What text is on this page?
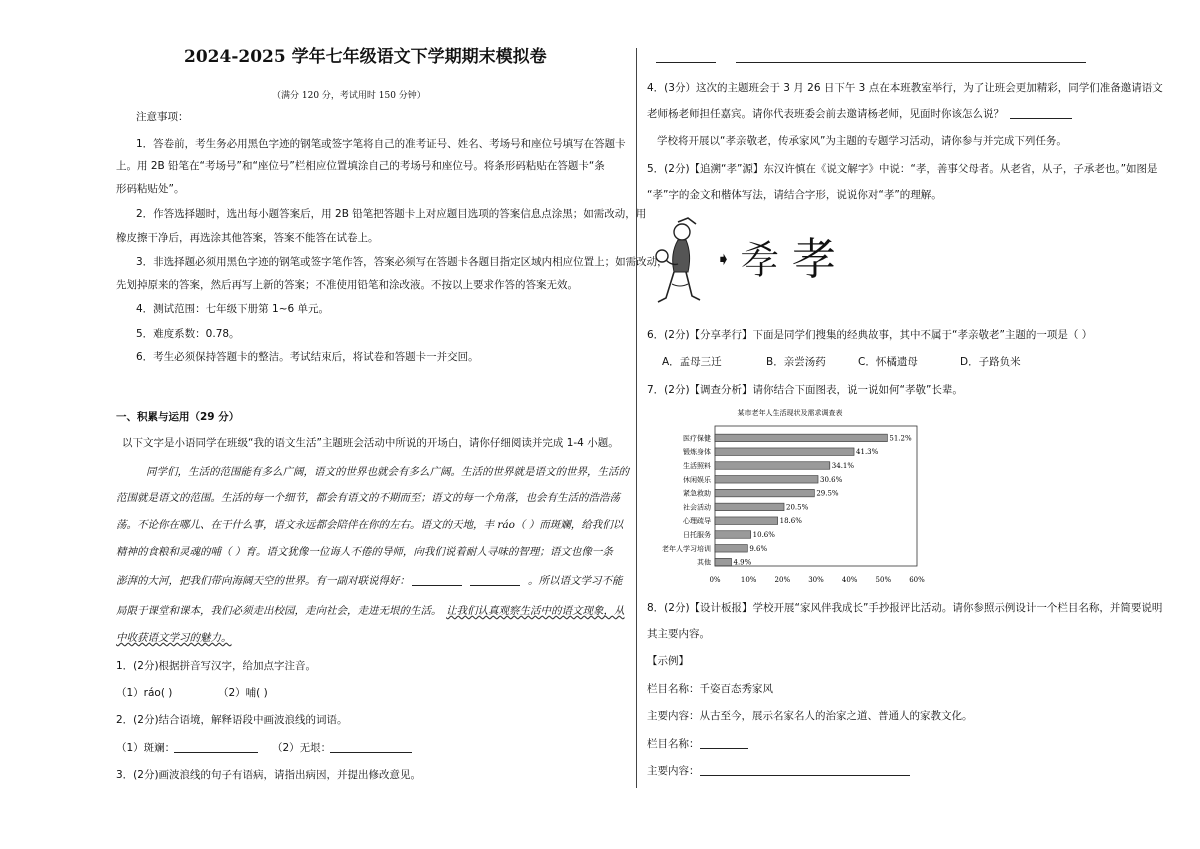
2024-2025 学年七年级语文下学期期末模拟卷
（满分 120 分，考试用时 150 分钟）
注意事项：
1．答卷前，考生务必用黑色字迹的钢笔或签字笔将自己的准考证号、姓名、考场号和座位号填写在答题卡
上。用 2B 铅笔在“考场号”和“座位号”栏相应位置填涂自己的考场号和座位号。将条形码粘贴在答题卡“条
形码粘贴处”。
2．作答选择题时，选出每小题答案后，用 2B 铅笔把答题卡上对应题目选项的答案信息点涂黑；如需改动，用
橡皮擦干净后，再选涂其他答案，答案不能答在试卷上。
3．非选择题必须用黑色字迹的钢笔或签字笔作答，答案必须写在答题卡各题目指定区域内相应位置上；如需改动，
先划掉原来的答案，然后再写上新的答案；不准使用铅笔和涂改液。不按以上要求作答的答案无效。
4．测试范围：七年级下册第 1~6 单元。
5．难度系数：0.78。
6．考生必须保持答题卡的整洁。考试结束后，将试卷和答题卡一并交回。
一、积累与运用（29 分）
以下文字是小语同学在班级“我的语文生活”主题班会活动中所说的开场白，请你仔细阅读并完成 1-4 小题。
同学们，生活的范围能有多么广阔，语文的世界也就会有多么广阔。生活的世界就是语文的世界，生活的
范围就是语文的范围。生活的每一个细节，都会有语文的不期而至；语文的每一个角落，也会有生活的浩浩荡
荡。不论你在哪儿、在干什么事，语文永远都会陪伴在你的左右。语文的天地，丰 ráo（ ）而斑斓，给我们以
精神的食粮和灵魂的哺（ ）育。语文犹像一位诲人不倦的导师，向我们说着耐人寻味的智理；语文也像一条
澎湃的大河，把我们带向海阔天空的世界。有一副对联说得好：	。所以语文学习不能
局限于课堂和课本，我们必须走出校园，走向社会，走进无垠的生活。 让我们认真观察生活中的语文现象，从
中收获语文学习的魅力。
1．(2分)根据拼音写汉字，给加点字注音。
（1）ráo( )	（2）哺( )
2．(2分)结合语境，解释语段中画波浪线的词语。
（1）斑斓：	（2）无垠：
3．(2分)画波浪线的句子有语病，请指出病因，并提出修改意见。
4．(3分）这次的主题班会于 3 月 26 日下午 3 点在本班教室举行，为了让班会更加精彩，同学们准备邀请语文
老师杨老师担任嘉宾。请你代表班委会前去邀请杨老师，见面时你该怎么说？
学校将开展以“孝亲敬老，传承家风”为主题的专题学习活动，请你参与并完成下列任务。
5．(2分)【追溯“孝”源】东汉许慎在《说文解字》中说：“孝，善事父母者。从老省，从子，子承老也。”如图是
“孝”字的金文和楷体写法，请结合字形，说说你对“孝”的理解。
➧ 𡥉 孝
6．(2分)【分享孝行】下面是同学们搜集的经典故事，其中不属于“孝亲敬老”主题的一项是（ ）
A．孟母三迁	B．亲尝汤药	C．怀橘遗母	D．子路负米
7．(2分)【调查分析】请你结合下面图表，说一说如何“孝敬”长辈。
某市老年人生活现状及需求调查表
医疗保健	51.2%
锻炼身体	41.3%
生活照料	34.1%
休闲娱乐	30.6%
紧急救助	29.5%
社会活动	20.5%
心理疏导	18.6%
日托服务	10.6%
老年人学习培训	9.6%
其他	4.9%
0%	10%	20%	30%	40%	50%	60%
8．(2分)【设计板报】学校开展“家风伴我成长”手抄报评比活动。请你参照示例设计一个栏目名称，并简要说明
其主要内容。
【示例】
栏目名称：千姿百态秀家风
主要内容：从古至今，展示名家名人的治家之道、普通人的家教文化。
栏目名称：
主要内容：
